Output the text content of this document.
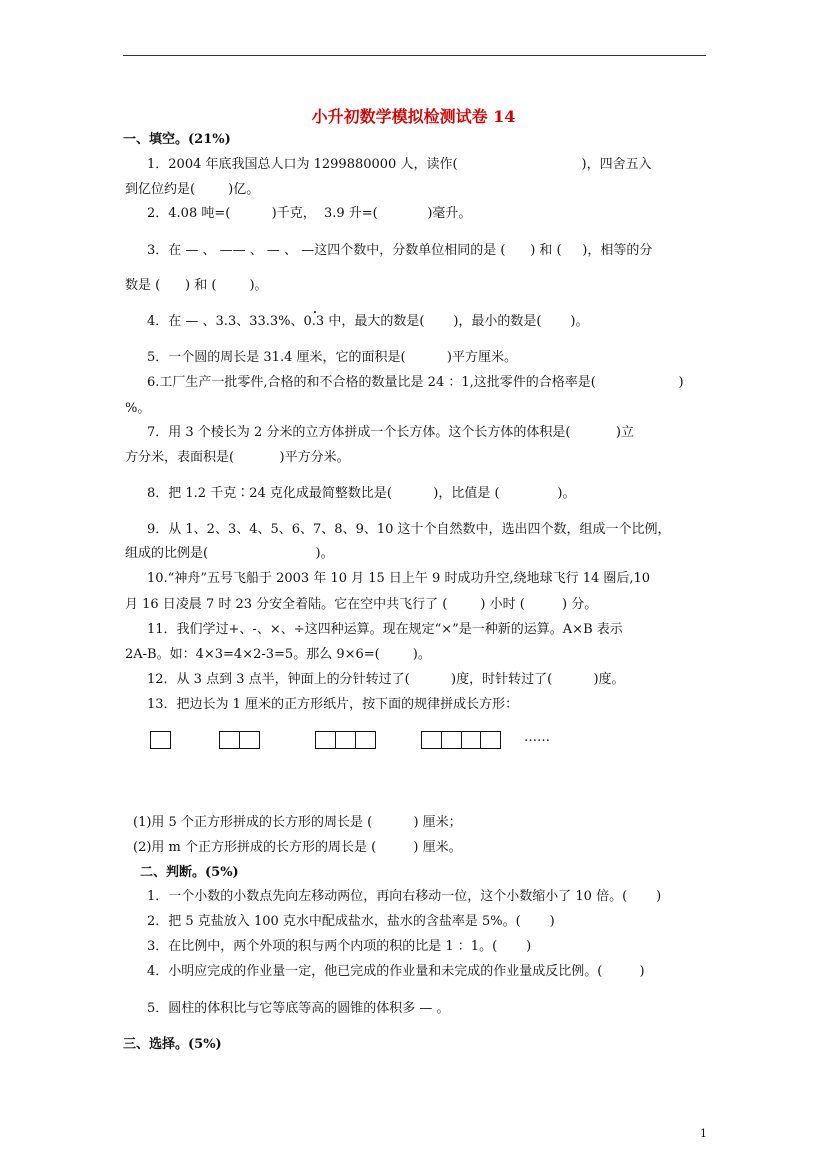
小升初数学模拟检测试卷 14
一、填空。(21%)
1．2004 年底我国总人口为 1299880000 人，读作(                              )，四舍五入
到亿位约是(        )亿。
2．4.08 吨=(          )千克，  3.9 升=(            )毫升。
3．在 — 、 —— 、 — 、 —这四个数中，分数单位相同的是 (      ) 和 (     )，相等的分
数是 (      ) 和 (        )。
4．在 — 、3.3、33.3%、0.3 中，最大的数是(       )，最小的数是(       )。
5．一个圆的周长是 31.4 厘米，它的面积是(          )平方厘米。
6.工厂生产一批零件,合格的和不合格的数量比是 24 ：1,这批零件的合格率是(                    )
%。
7．用 3 个棱长为 2 分米的立方体拼成一个长方体。这个长方体的体积是(           )立
方分米，表面积是(           )平方分米。
8．把 1.2 千克∶24 克化成最简整数比是(          )，比值是 (              )。
9．从 1、2、3、4、5、6、7、8、9、10 这十个自然数中，选出四个数，组成一个比例，
组成的比例是(                          )。
10.“神舟”五号飞船于 2003 年 10 月 15 日上午 9 时成功升空,绕地球飞行 14 圈后,10
月 16 日凌晨 7 时 23 分安全着陆。它在空中共飞行了 (        ) 小时 (         ) 分。
11．我们学过+、-、×、÷这四种运算。现在规定“×”是一种新的运算。A×B 表示
2A-B。如：4×3=4×2-3=5。那么 9×6=(        )。
12．从 3 点到 3 点半，钟面上的分针转过了(          )度，时针转过了(          )度。
13．把边长为 1 厘米的正方形纸片，按下面的规律拼成长方形：
……
(1)用 5 个正方形拼成的长方形的周长是 (          ) 厘米；
(2)用 m 个正方形拼成的长方形的周长是 (         ) 厘米。
二、判断。(5%)
1．一个小数的小数点先向左移动两位，再向右移动一位，这个小数缩小了 10 倍。(       )
2．把 5 克盐放入 100 克水中配成盐水，盐水的含盐率是 5%。(       )
3．在比例中，两个外项的积与两个内项的积的比是 1 ：1。(       )
4．小明应完成的作业量一定，他已完成的作业量和未完成的作业量成反比例。(         )
5．圆柱的体积比与它等底等高的圆锥的体积多 — 。
三、选择。(5%)
1
